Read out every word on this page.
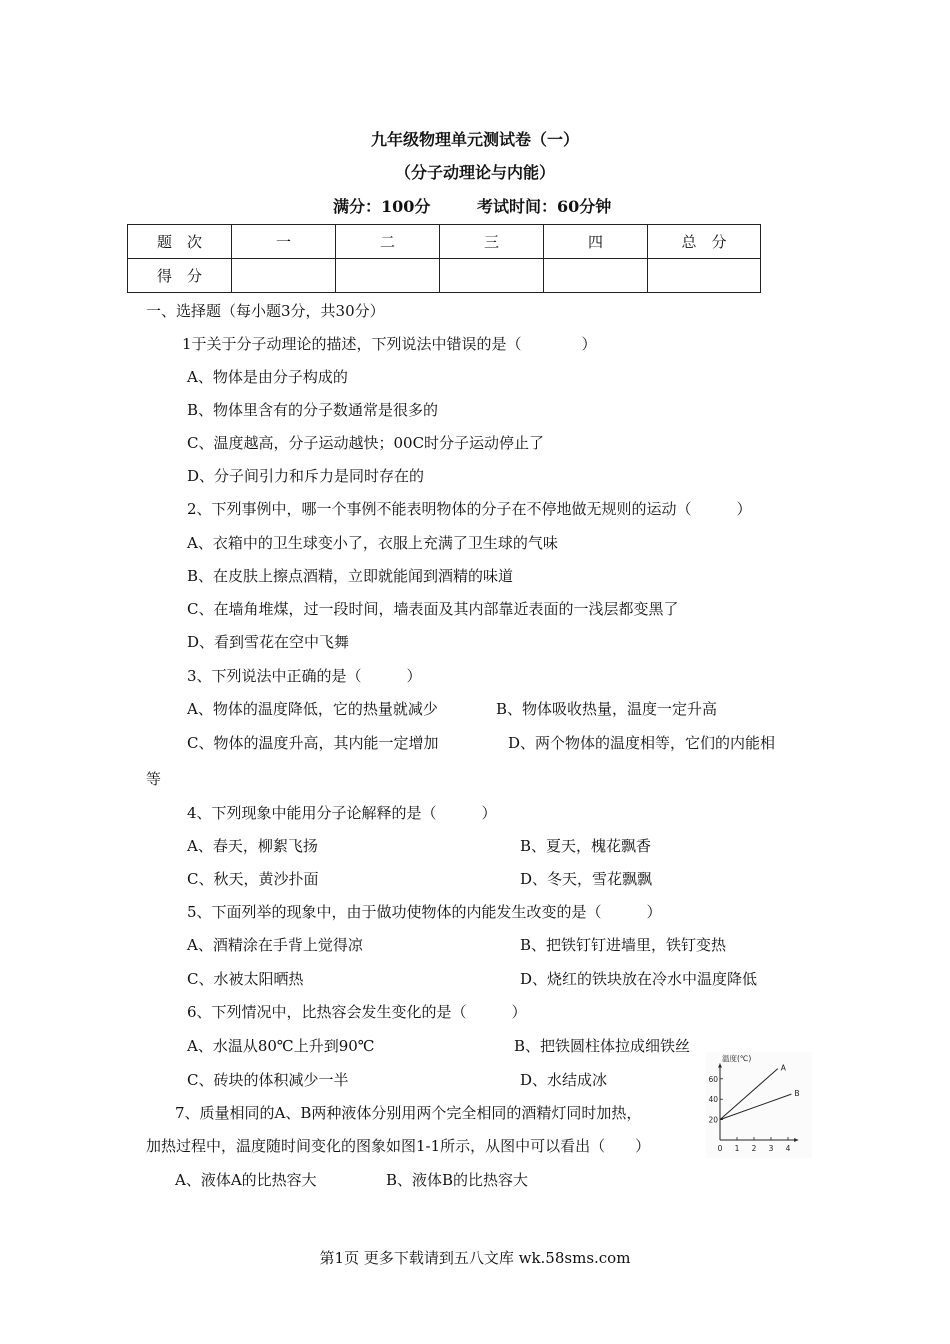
九年级物理单元测试卷（一）
（分子动理论与内能）
满分：100分	考试时间：60分钟
题　次	一	二	三	四	总　分
得　分					
一、选择题（每小题3分，共30分）
1于关于分子动理论的描述，下列说法中错误的是（　　　　）
A、物体是由分子构成的
B、物体里含有的分子数通常是很多的
C、温度越高，分子运动越快；00C时分子运动停止了
D、分子间引力和斥力是同时存在的
2、下列事例中，哪一个事例不能表明物体的分子在不停地做无规则的运动（　　　）
A、衣箱中的卫生球变小了，衣服上充满了卫生球的气味
B、在皮肤上擦点酒精，立即就能闻到酒精的味道
C、在墙角堆煤，过一段时间，墙表面及其内部靠近表面的一浅层都变黑了
D、看到雪花在空中飞舞
3、下列说法中正确的是（　　　）
A、物体的温度降低，它的热量就减少	B、物体吸收热量，温度一定升高
C、物体的温度升高，其内能一定增加	D、两个物体的温度相等，它们的内能相
等
4、下列现象中能用分子论解释的是（　　　）
A、春天，柳絮飞扬	B、夏天，槐花飘香
C、秋天，黄沙扑面	D、冬天，雪花飘飘
5、下面列举的现象中，由于做功使物体的内能发生改变的是（　　　）
A、酒精涂在手背上觉得凉	B、把铁钉钉进墙里，铁钉变热
C、水被太阳晒热	D、烧红的铁块放在冷水中温度降低
6、下列情况中，比热容会发生变化的是（　　　）
A、水温从80℃上升到90℃	B、把铁圆柱体拉成细铁丝
C、砖块的体积减少一半	D、水结成冰
7、质量相同的A、B两种液体分别用两个完全相同的酒精灯同时加热，
加热过程中，温度随时间变化的图象如图1-1所示，从图中可以看出（　　）
A、液体A的比热容大	B、液体B的比热容大
温度(℃)
20
40
60
0 1 2 3 4
A
B
第1页 更多下载请到五八文库 wk.58sms.com
